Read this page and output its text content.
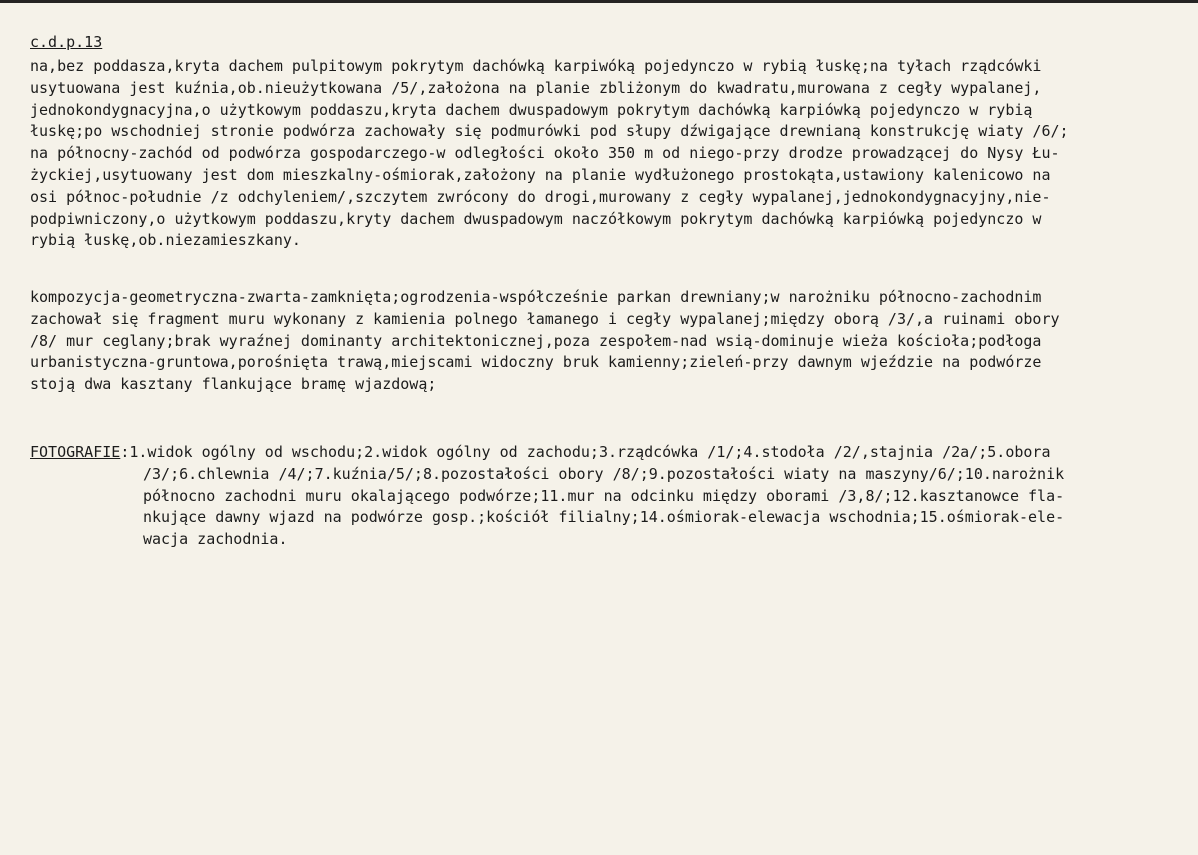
c.d.p.13
na,bez poddasza,kryta dachem pulpitowym pokrytym dachówką karpiwóką pojedynczo w rybią łuskę;na tyłach rządcówki
usytuowana jest kuźnia,ob.nieużytkowana /5/,założona na planie zbliżonym do kwadratu,murowana z cegły wypalanej,
jednokondygnacyjna,o użytkowym poddaszu,kryta dachem dwuspadowym pokrytym dachówką karpiówką pojedynczo w rybią
łuskę;po wschodniej stronie podwórza zachowały się podmurówki pod słupy dźwigające drewnianą konstrukcję wiaty /6/;
na północny-zachód od podwórza gospodarczego-w odległości około 350 m od niego-przy drodze prowadzącej do Nysy Łu-
życkiej,usytuowany jest dom mieszkalny-ośmiorak,założony na planie wydłużonego prostokąta,ustawiony kalenicowo na
osi północ-południe /z odchyleniem/,szczytem zwrócony do drogi,murowany z cegły wypalanej,jednokondygnacyjny,nie-
podpiwniczony,o użytkowym poddaszu,kryty dachem dwuspadowym naczółkowym pokrytym dachówką karpiówką pojedynczo w
rybią łuskę,ob.niezamieszkany.
kompozycja-geometryczna-zwarta-zamknięta;ogrodzenia-współcześnie parkan drewniany;w narożniku północno-zachodnim
zachował się fragment muru wykonany z kamienia polnego łamanego i cegły wypalanej;między oborą /3/,a ruinami obory
/8/ mur ceglany;brak wyraźnej dominanty architektonicznej,poza zespołem-nad wsią-dominuje wieża kościoła;podłoga
urbanistyczna-gruntowa,porośnięta trawą,miejscami widoczny bruk kamienny;zieleń-przy dawnym wjeździe na podwórze
stoją dwa kasztany flankujące bramę wjazdową;
FOTOGRAFIE:1.widok ogólny od wschodu;2.widok ogólny od zachodu;3.rządcówka /1/;4.stodoła /2/,stajnia /2a/;5.obora
/3/;6.chlewnia /4/;7.kuźnia/5/;8.pozostałości obory /8/;9.pozostałości wiaty na maszyny/6/;10.narożnik
północno zachodni muru okalającego podwórze;11.mur na odcinku między oborami /3,8/;12.kasztanowce fla-
nkujące dawny wjazd na podwórze gosp.;kościół filialny;14.ośmiorak-elewacja wschodnia;15.ośmiorak-ele-
wacja zachodnia.
